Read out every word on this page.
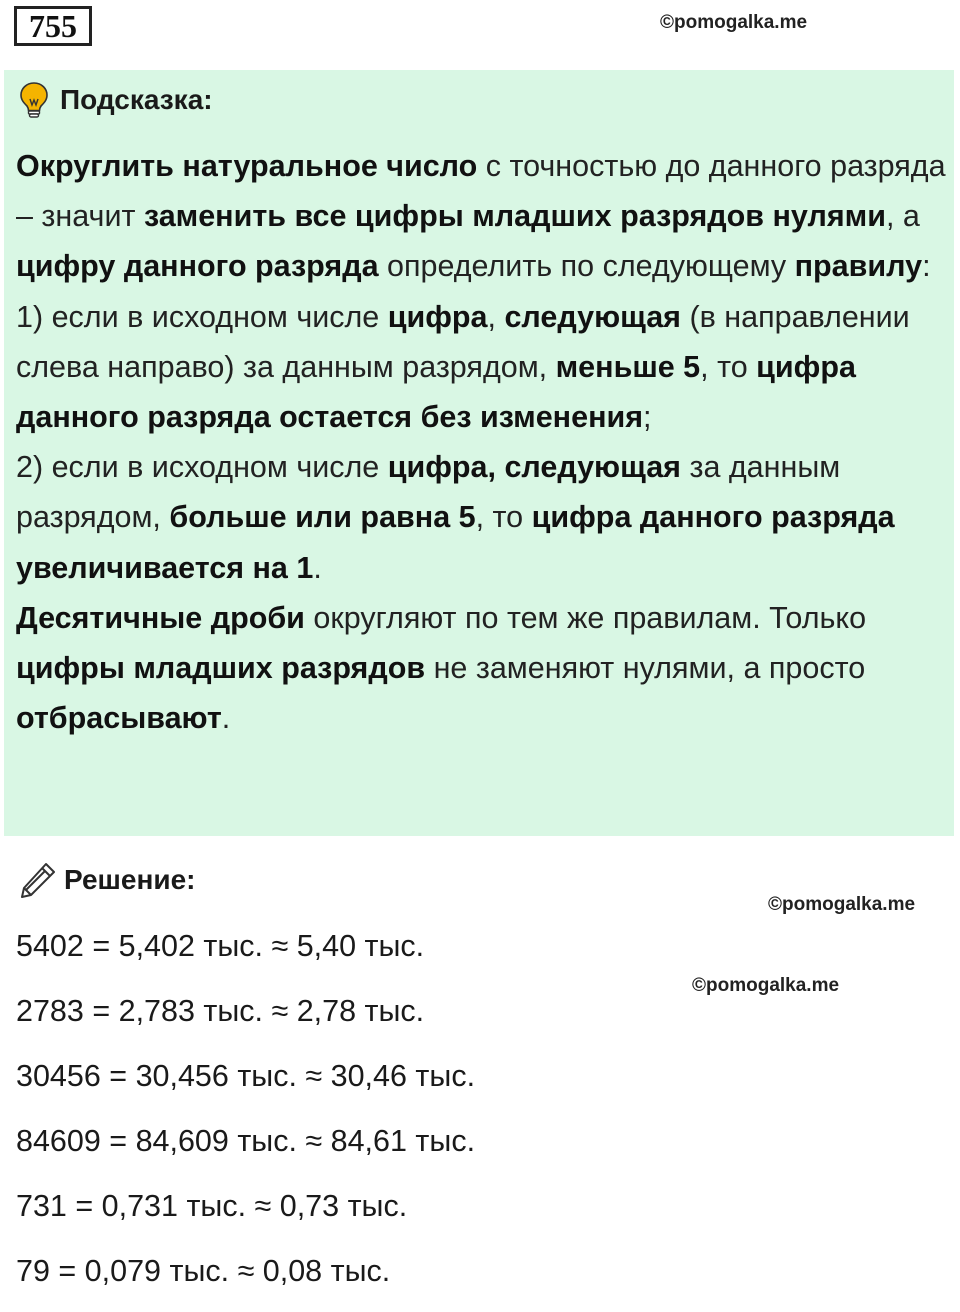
755	©pomogalka.me
Подсказка:

Округлить натуральное число с точностью до данного разряда – значит заменить все цифры младших разрядов нулями, а цифру данного разряда определить по следующему правилу:

1) если в исходном числе цифра, следующая (в направлении слева направо) за данным разрядом, меньше 5, то цифра данного разряда остается без изменения;

2) если в исходном числе цифра, следующая за данным разрядом, больше или равна 5, то цифра данного разряда увеличивается на 1.

Десятичные дроби округляют по тем же правилам. Только цифры младших разрядов не заменяют нулями, а просто отбрасывают.

Решение:
©pomogalka.me
©pomogalka.me
5402 = 5,402 тыс. ≈ 5,40 тыс.
2783 = 2,783 тыс. ≈ 2,78 тыс.
30456 = 30,456 тыс. ≈ 30,46 тыс.
84609 = 84,609 тыс. ≈ 84,61 тыс.
731 = 0,731 тыс. ≈ 0,73 тыс.
79 = 0,079 тыс. ≈ 0,08 тыс.
